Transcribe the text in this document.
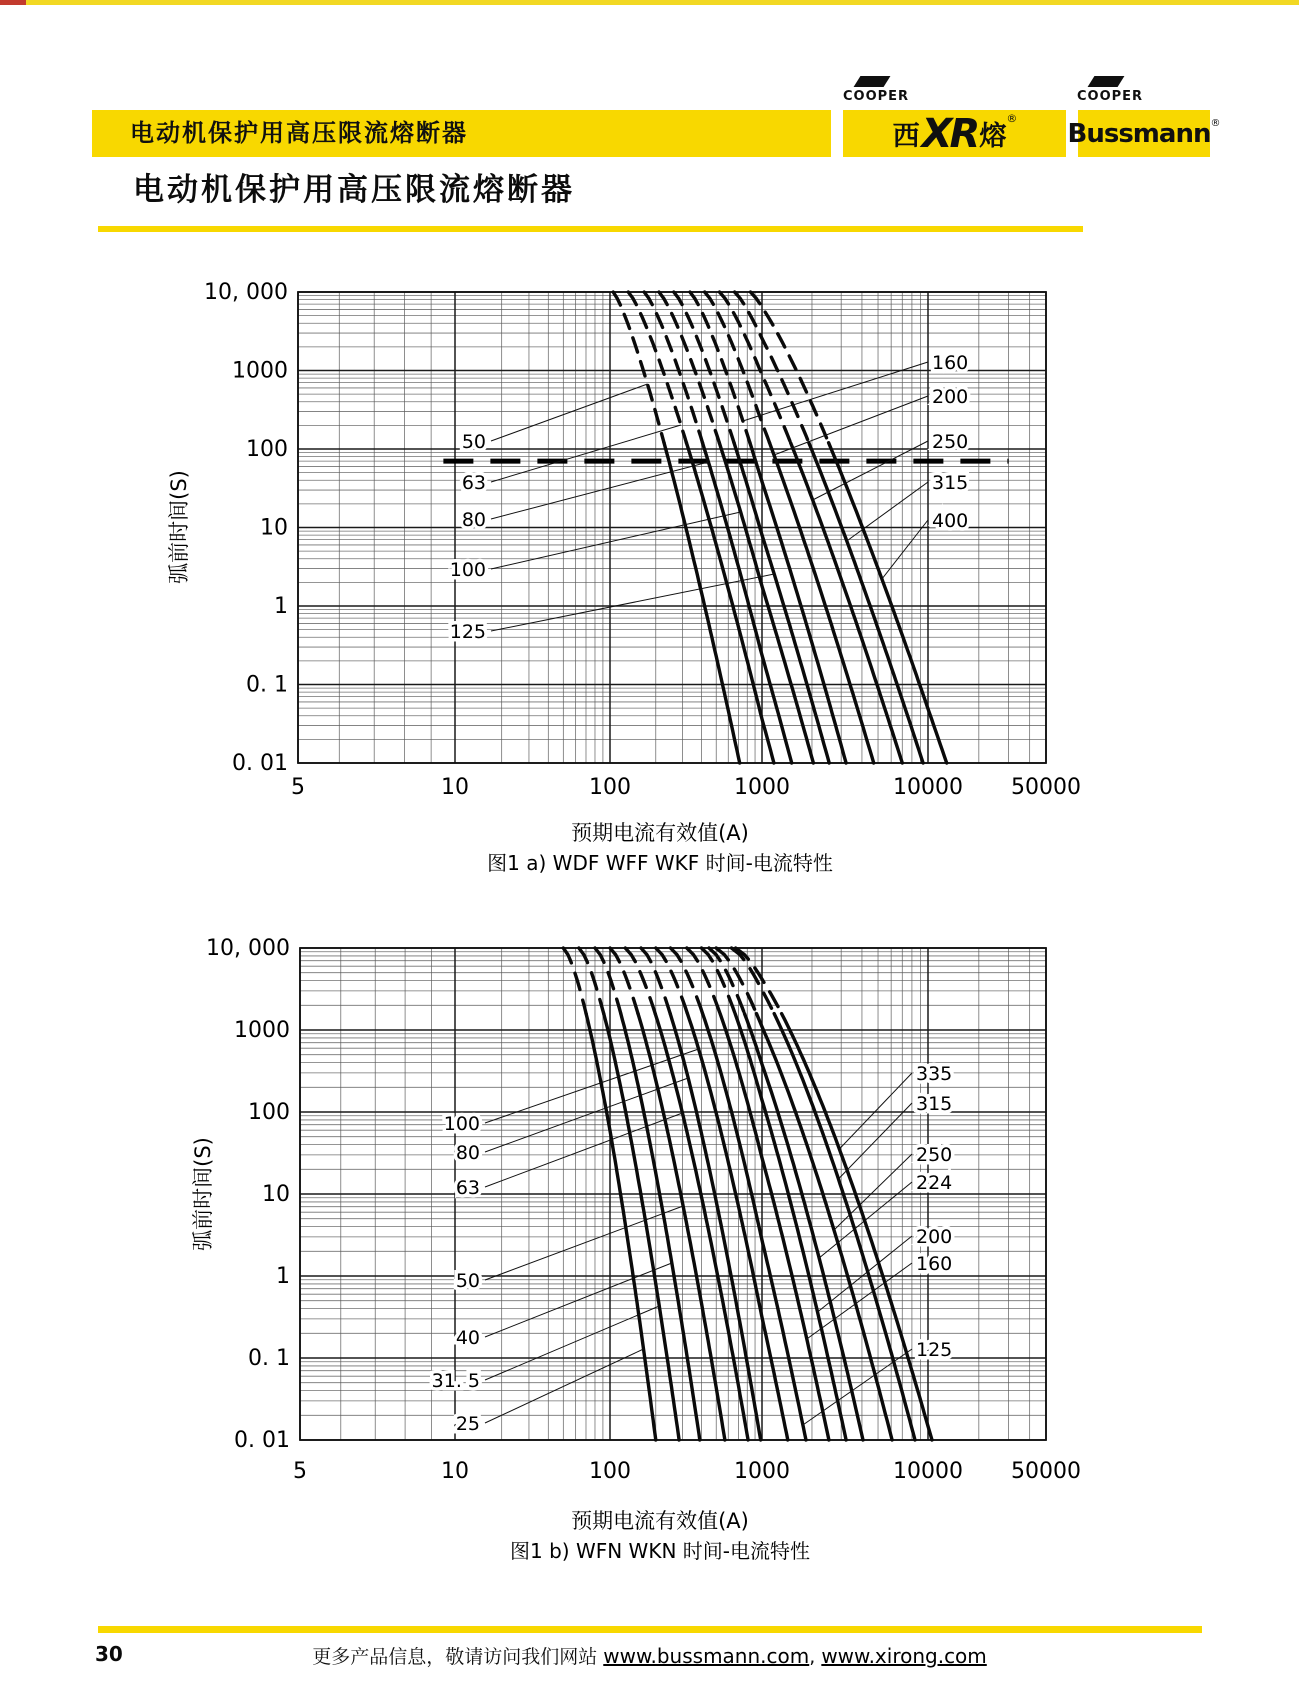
电动机保护用高压限流熔断器
COOPER	COOPER
西 XR 熔
® Bussmann ®
电动机保护用高压限流熔断器
50
63
80
100
125
160
200
250
315
400
10, 000
1000
100
10
1
0. 1
0. 01
5	10	100	1000	10000 50000
弧前时间(S)
预期电流有效值(A)
图1 a) WDF WFF WKF 时间-电流特性
25
31. 5
40
50
63
80
100
125
160
200
224
250
315
335
10, 000
1000
100
10
1
0. 1
0. 01
5	10	100	1000	10000 50000
弧前时间(S)
预期电流有效值(A)
图1 b) WFN WKN 时间-电流特性
更多产品信息，敬请访问我们网站 www.bussmann.com, www.xirong.com
30
